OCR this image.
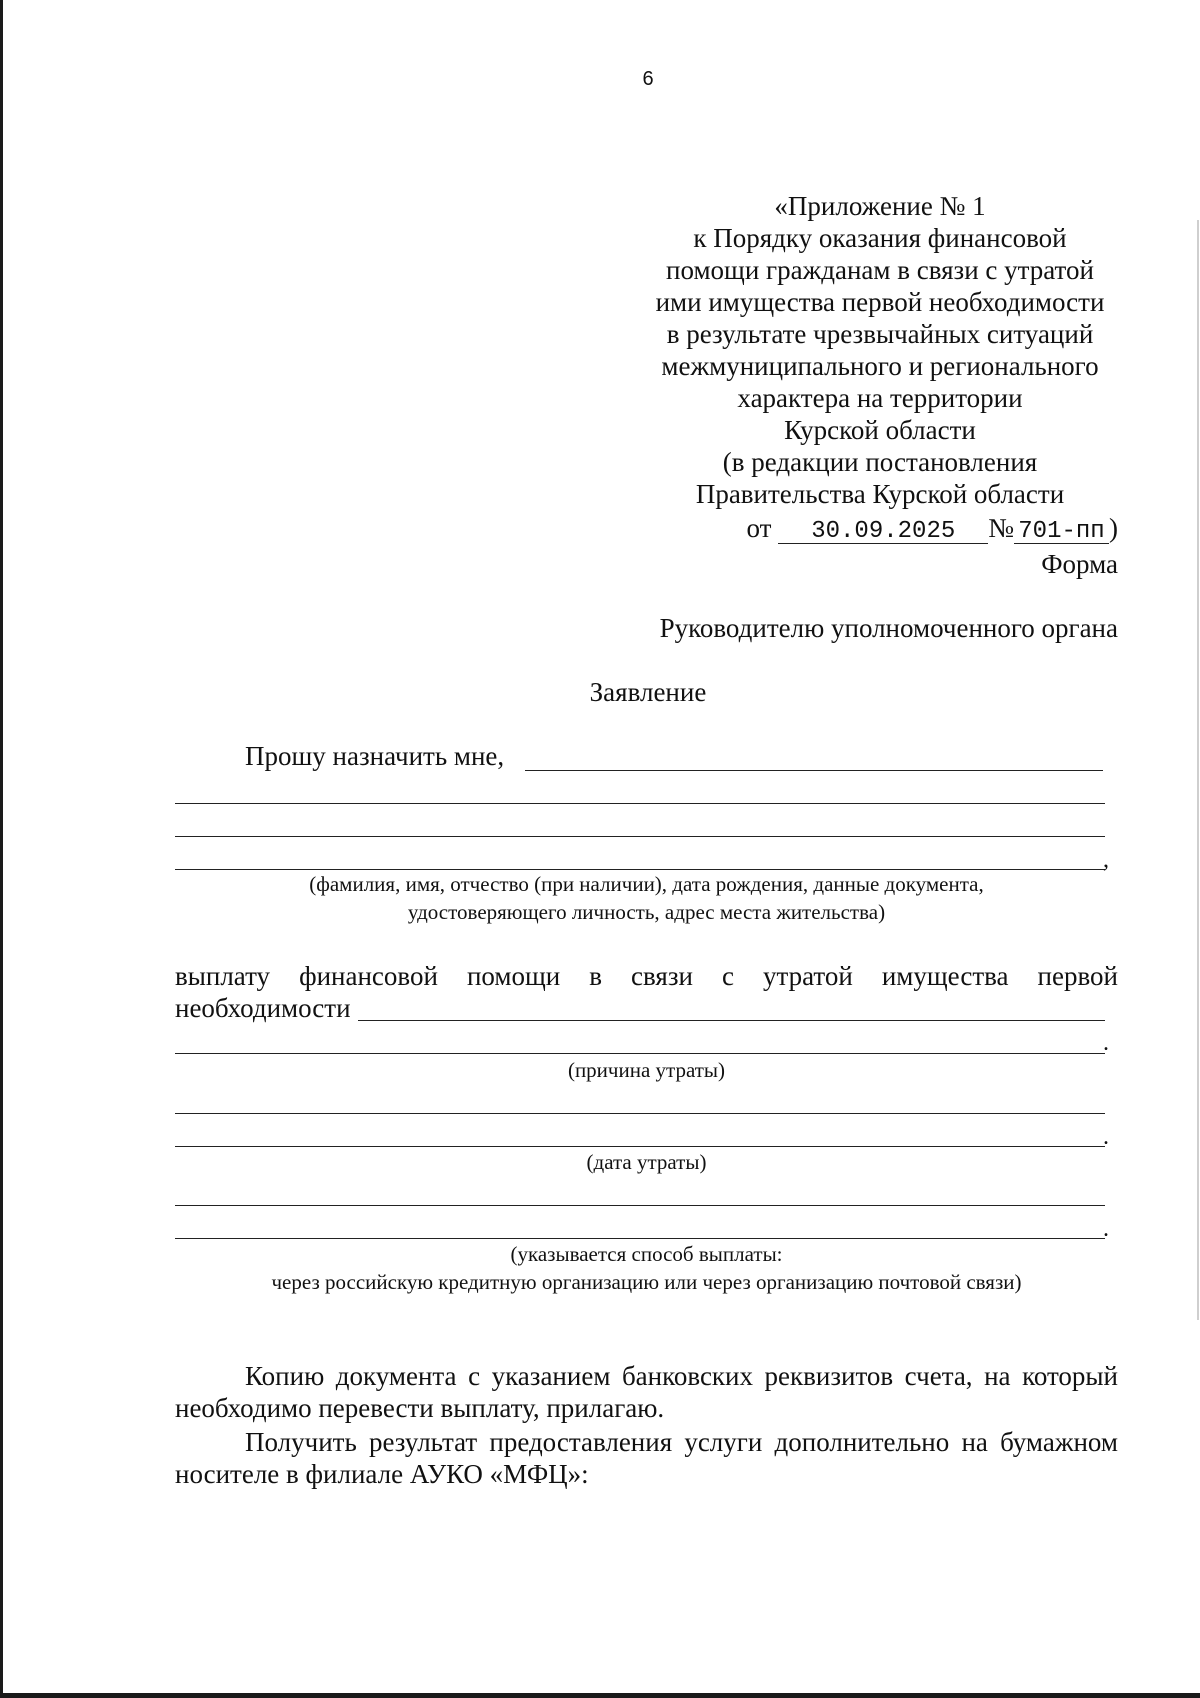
6
«Приложение № 1
к Порядку оказания финансовой
помощи гражданам в связи с утратой
ими имущества первой необходимости
в результате чрезвычайных ситуаций
межмуниципального и регионального
характера на территории
Курской области
(в редакции постановления
Правительства Курской области
от 30.09.2025 № 701-пп )
Форма
Руководителю уполномоченного органа
Заявление
Прошу назначить мне,
,
(фамилия, имя, отчество (при наличии), дата рождения, данные документа,
удостоверяющего личность, адрес места жительства)
выплату финансовой помощи в связи с утратой имущества первой
необходимости
.
(причина утраты)
.
(дата утраты)
.
(указывается способ выплаты:
через российскую кредитную организацию или через организацию почтовой связи)
Копию документа с указанием банковских реквизитов счета, на который необходимо перевести выплату, прилагаю.
Получить результат предоставления услуги дополнительно на бумажном носителе в филиале АУКО «МФЦ»:
